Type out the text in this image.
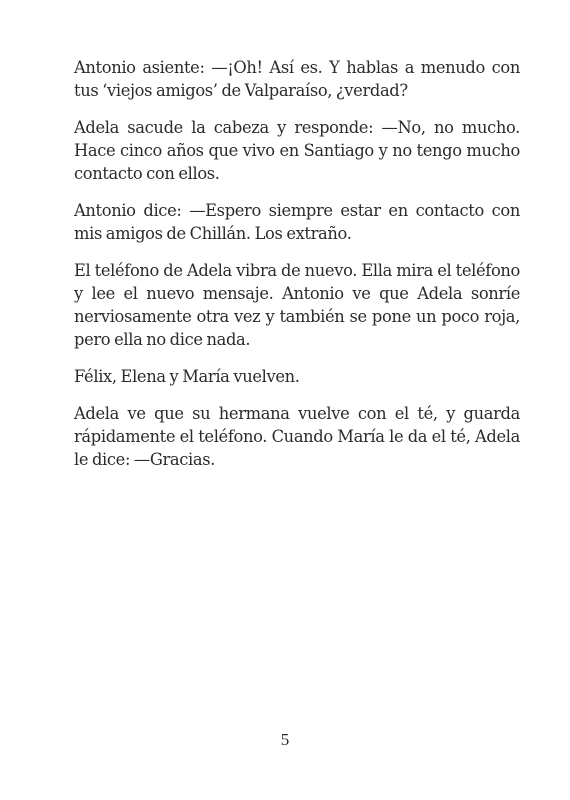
Antonio asiente: —¡Oh! Así es. Y hablas a menudo con tus ‘viejos amigos’ de Valparaíso, ¿verdad?

Adela sacude la cabeza y responde: —No, no mucho. Hace cinco años que vivo en Santiago y no tengo mucho contacto con ellos.

Antonio dice: —Espero siempre estar en contacto con mis amigos de Chillán. Los extraño.

El teléfono de Adela vibra de nuevo. Ella mira el teléfono y lee el nuevo mensaje. Antonio ve que Adela sonríe nerviosamente otra vez y también se pone un poco roja, pero ella no dice nada.

Félix, Elena y María vuelven.

Adela ve que su hermana vuelve con el té, y guarda rápidamente el teléfono. Cuando María le da el té, Adela le dice: —Gracias.

5
